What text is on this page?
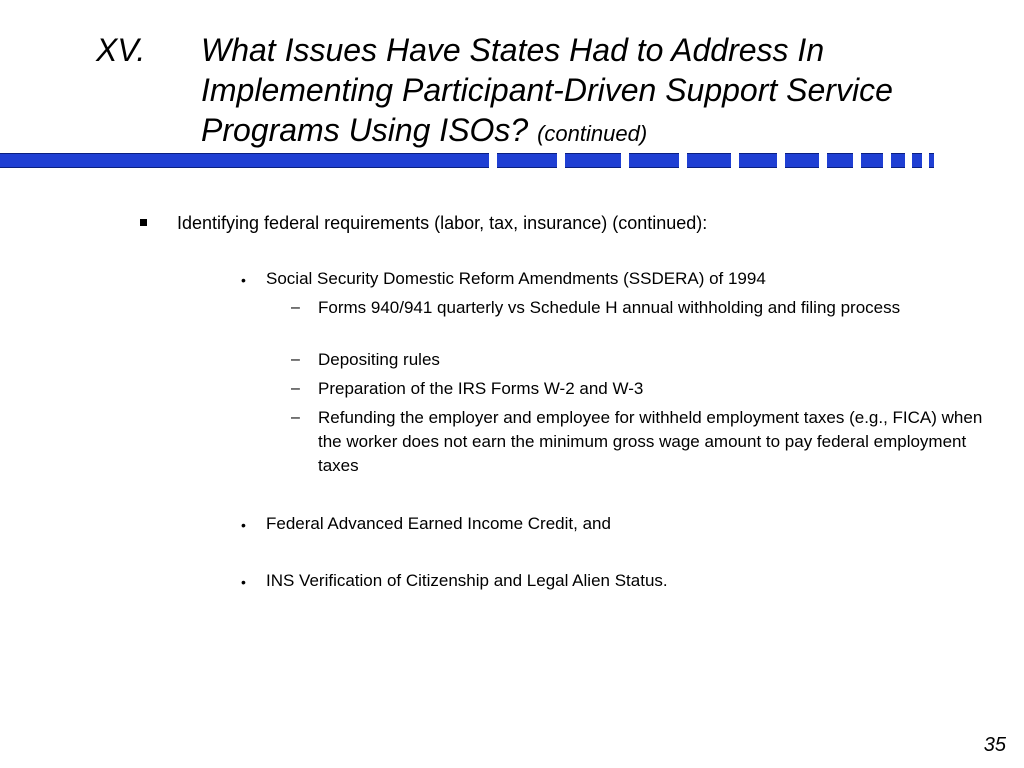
XV. What Issues Have States Had to Address In Implementing Participant-Driven Support Service Programs Using ISOs? (continued)
Identifying federal requirements (labor, tax, insurance) (continued):
• Social Security Domestic Reform Amendments (SSDERA) of 1994
– Forms 940/941 quarterly vs Schedule H annual withholding and filing process
– Depositing rules
– Preparation of the IRS Forms W-2 and W-3
– Refunding the employer and employee for withheld employment taxes (e.g., FICA) when the worker does not earn the minimum gross wage amount to pay federal employment taxes
• Federal Advanced Earned Income Credit, and
• INS Verification of Citizenship and Legal Alien Status.
35
